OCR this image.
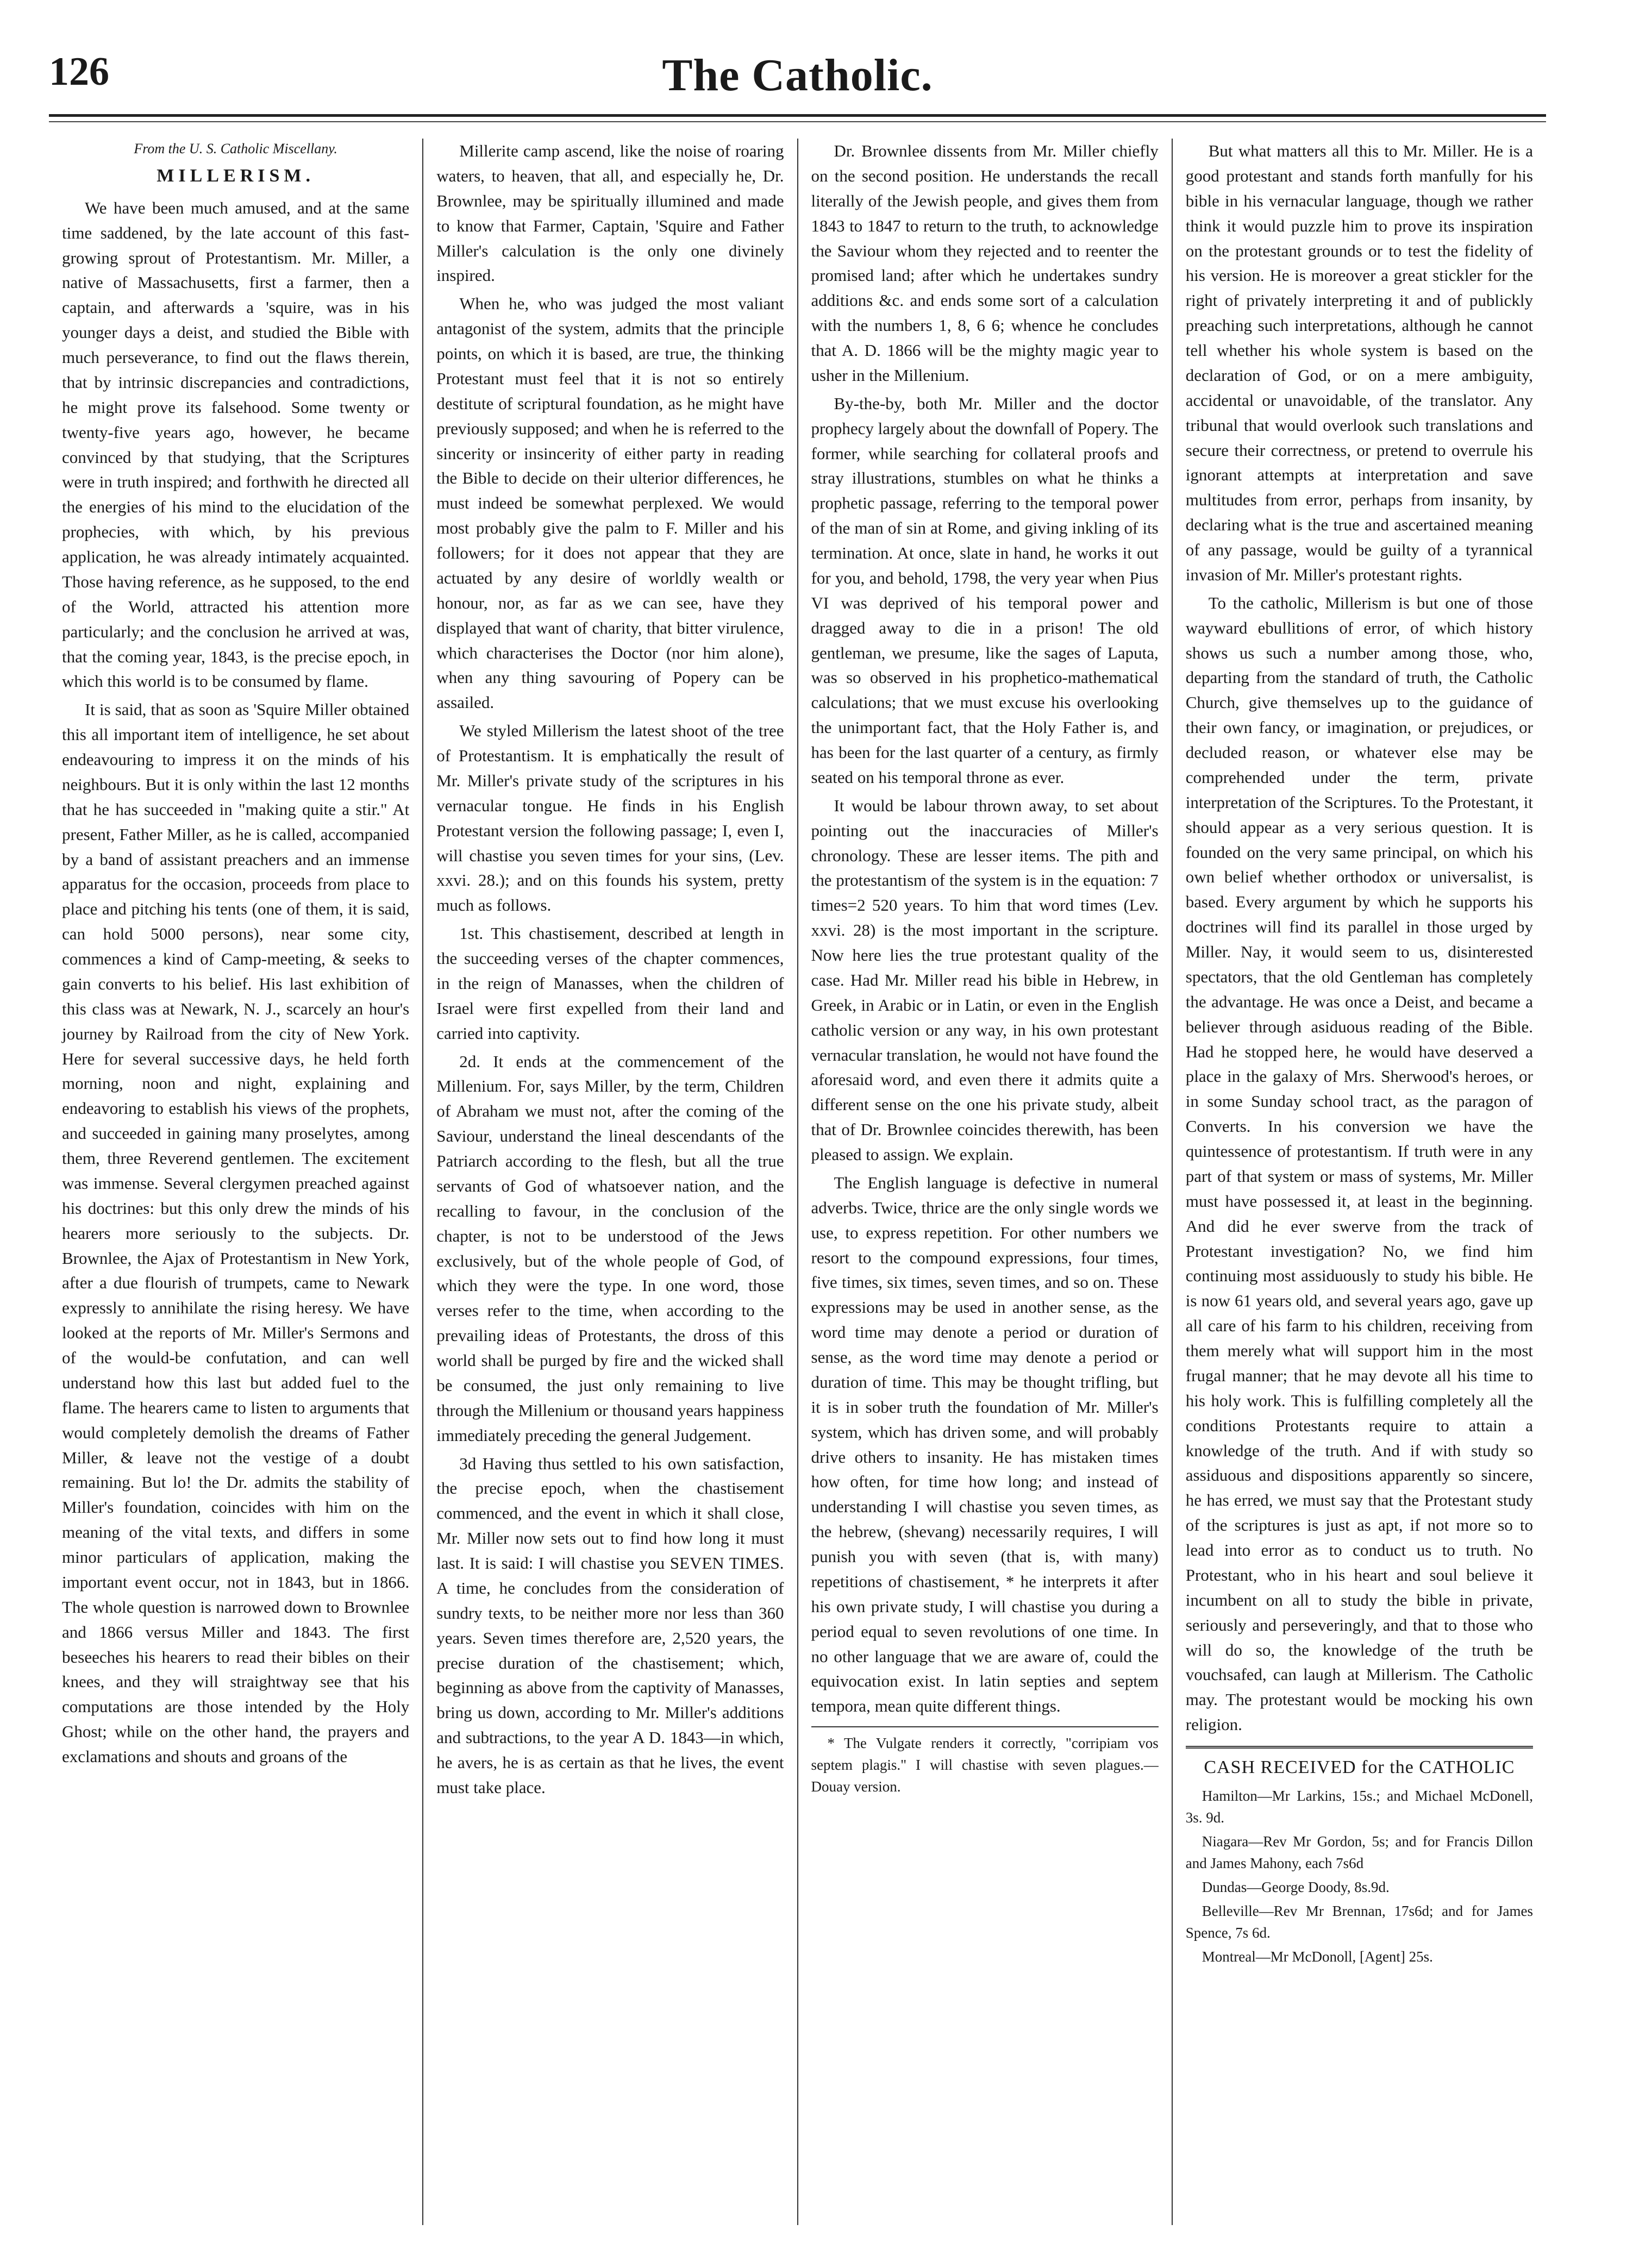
126	The Catholic.
From the U. S. Catholic Miscellany.
MILLERISM.

We have been much amused, and at the same time saddened, by the late account of this fast-growing sprout of Protestantism. Mr. Miller, a native of Massachusetts, first a farmer, then a captain, and afterwards a 'squire, was in his younger days a deist, and studied the Bible with much perseverance, to find out the flaws therein, that by intrinsic discrepancies and contradictions, he might prove its falsehood. Some twenty or twenty-five years ago, however, he became convinced by that studying, that the Scriptures were in truth inspired; and forthwith he directed all the energies of his mind to the elucidation of the prophecies, with which, by his previous application, he was already intimately acquainted. Those having reference, as he supposed, to the end of the World, attracted his attention more particularly; and the conclusion he arrived at was, that the coming year, 1843, is the precise epoch, in which this world is to be consumed by flame.

It is said, that as soon as 'Squire Miller obtained this all important item of intelligence, he set about endeavouring to impress it on the minds of his neighbours. But it is only within the last 12 months that he has succeeded in "making quite a stir." At present, Father Miller, as he is called, accompanied by a band of assistant preachers and an immense apparatus for the occasion, proceeds from place to place and pitching his tents (one of them, it is said, can hold 5000 persons), near some city, commences a kind of Camp-meeting, & seeks to gain converts to his belief. His last exhibition of this class was at Newark, N. J., scarcely an hour's journey by Railroad from the city of New York. Here for several successive days, he held forth morning, noon and night, explaining and endeavoring to establish his views of the prophets, and succeeded in gaining many proselytes, among them, three Reverend gentlemen. The excitement was immense. Several clergymen preached against his doctrines: but this only drew the minds of his hearers more seriously to the subjects. Dr. Brownlee, the Ajax of Protestantism in New York, after a due flourish of trumpets, came to Newark expressly to annihilate the rising heresy. We have looked at the reports of Mr. Miller's Sermons and of the would-be confutation, and can well understand how this last but added fuel to the flame. The hearers came to listen to arguments that would completely demolish the dreams of Father Miller, & leave not the vestige of a doubt remaining. But lo! the Dr. admits the stability of Miller's foundation, coincides with him on the meaning of the vital texts, and differs in some minor particulars of application, making the important event occur, not in 1843, but in 1866. The whole question is narrowed down to Brownlee and 1866 versus Miller and 1843. The first beseeches his hearers to read their bibles on their knees, and they will straightway see that his computations are those intended by the Holy Ghost; while on the other hand, the prayers and exclamations and shouts and groans of the

Millerite camp ascend, like the noise of roaring waters, to heaven, that all, and especially he, Dr. Brownlee, may be spiritually illumined and made to know that Farmer, Captain, 'Squire and Father Miller's calculation is the only one divinely inspired.

When he, who was judged the most valiant antagonist of the system, admits that the principle points, on which it is based, are true, the thinking Protestant must feel that it is not so entirely destitute of scriptural foundation, as he might have previously supposed; and when he is referred to the sincerity or insincerity of either party in reading the Bible to decide on their ulterior differences, he must indeed be somewhat perplexed. We would most probably give the palm to F. Miller and his followers; for it does not appear that they are actuated by any desire of worldly wealth or honour, nor, as far as we can see, have they displayed that want of charity, that bitter virulence, which characterises the Doctor (nor him alone), when any thing savouring of Popery can be assailed.

We styled Millerism the latest shoot of the tree of Protestantism. It is emphatically the result of Mr. Miller's private study of the scriptures in his vernacular tongue. He finds in his English Protestant version the following passage; I, even I, will chastise you seven times for your sins, (Lev. xxvi. 28.); and on this founds his system, pretty much as follows.

1st. This chastisement, described at length in the succeeding verses of the chapter commences, in the reign of Manasses, when the children of Israel were first expelled from their land and carried into captivity.

2d. It ends at the commencement of the Millenium. For, says Miller, by the term, Children of Abraham we must not, after the coming of the Saviour, understand the lineal descendants of the Patriarch according to the flesh, but all the true servants of God of whatsoever nation, and the recalling to favour, in the conclusion of the chapter, is not to be understood of the Jews exclusively, but of the whole people of God, of which they were the type. In one word, those verses refer to the time, when according to the prevailing ideas of Protestants, the dross of this world shall be purged by fire and the wicked shall be consumed, the just only remaining to live through the Millenium or thousand years happiness immediately preceding the general Judgement.

3d Having thus settled to his own satisfaction, the precise epoch, when the chastisement commenced, and the event in which it shall close, Mr. Miller now sets out to find how long it must last. It is said: I will chastise you SEVEN TIMES. A time, he concludes from the consideration of sundry texts, to be neither more nor less than 360 years. Seven times therefore are, 2,520 years, the precise duration of the chastisement; which, beginning as above from the captivity of Manasses, bring us down, according to Mr. Miller's additions and subtractions, to the year A D. 1843—in which, he avers, he is as certain as that he lives, the event must take place.

Dr. Brownlee dissents from Mr. Miller chiefly on the second position. He understands the recall literally of the Jewish people, and gives them from 1843 to 1847 to return to the truth, to acknowledge the Saviour whom they rejected and to reenter the promised land; after which he undertakes sundry additions &c. and ends some sort of a calculation with the numbers 1, 8, 6 6; whence he concludes that A. D. 1866 will be the mighty magic year to usher in the Millenium.

By-the-by, both Mr. Miller and the doctor prophecy largely about the downfall of Popery. The former, while searching for collateral proofs and stray illustrations, stumbles on what he thinks a prophetic passage, referring to the temporal power of the man of sin at Rome, and giving inkling of its termination. At once, slate in hand, he works it out for you, and behold, 1798, the very year when Pius VI was deprived of his temporal power and dragged away to die in a prison! The old gentleman, we presume, like the sages of Laputa, was so observed in his prophetico-mathematical calculations; that we must excuse his overlooking the unimportant fact, that the Holy Father is, and has been for the last quarter of a century, as firmly seated on his temporal throne as ever.

It would be labour thrown away, to set about pointing out the inaccuracies of Miller's chronology. These are lesser items. The pith and the protestantism of the system is in the equation: 7 times=2 520 years. To him that word times (Lev. xxvi. 28) is the most important in the scripture. Now here lies the true protestant quality of the case. Had Mr. Miller read his bible in Hebrew, in Greek, in Arabic or in Latin, or even in the English catholic version or any way, in his own protestant vernacular translation, he would not have found the aforesaid word, and even there it admits quite a different sense on the one his private study, albeit that of Dr. Brownlee coincides therewith, has been pleased to assign. We explain.

The English language is defective in numeral adverbs. Twice, thrice are the only single words we use, to express repetition. For other numbers we resort to the compound expressions, four times, five times, six times, seven times, and so on. These expressions may be used in another sense, as the word time may denote a period or duration of sense, as the word time may denote a period or duration of time. This may be thought trifling, but it is in sober truth the foundation of Mr. Miller's system, which has driven some, and will probably drive others to insanity. He has mistaken times how often, for time how long; and instead of understanding I will chastise you seven times, as the hebrew, (shevang) necessarily requires, I will punish you with seven (that is, with many) repetitions of chastisement, * he interprets it after his own private study, I will chastise you during a period equal to seven revolutions of one time. In no other language that we are aware of, could the equivocation exist. In latin septies and septem tempora, mean quite different things.

* The Vulgate renders it correctly, "corripiam vos septem plagis." I will chastise with seven plagues.—Douay version.

But what matters all this to Mr. Miller. He is a good protestant and stands forth manfully for his bible in his vernacular language, though we rather think it would puzzle him to prove its inspiration on the protestant grounds or to test the fidelity of his version. He is moreover a great stickler for the right of privately interpreting it and of publickly preaching such interpretations, although he cannot tell whether his whole system is based on the declaration of God, or on a mere ambiguity, accidental or unavoidable, of the translator. Any tribunal that would overlook such translations and secure their correctness, or pretend to overrule his ignorant attempts at interpretation and save multitudes from error, perhaps from insanity, by declaring what is the true and ascertained meaning of any passage, would be guilty of a tyrannical invasion of Mr. Miller's protestant rights.

To the catholic, Millerism is but one of those wayward ebullitions of error, of which history shows us such a number among those, who, departing from the standard of truth, the Catholic Church, give themselves up to the guidance of their own fancy, or imagination, or prejudices, or decluded reason, or whatever else may be comprehended under the term, private interpretation of the Scriptures. To the Protestant, it should appear as a very serious question. It is founded on the very same principal, on which his own belief whether orthodox or universalist, is based. Every argument by which he supports his doctrines will find its parallel in those urged by Miller. Nay, it would seem to us, disinterested spectators, that the old Gentleman has completely the advantage. He was once a Deist, and became a believer through asiduous reading of the Bible. Had he stopped here, he would have deserved a place in the galaxy of Mrs. Sherwood's heroes, or in some Sunday school tract, as the paragon of Converts. In his conversion we have the quintessence of protestantism. If truth were in any part of that system or mass of systems, Mr. Miller must have possessed it, at least in the beginning. And did he ever swerve from the track of Protestant investigation? No, we find him continuing most assiduously to study his bible. He is now 61 years old, and several years ago, gave up all care of his farm to his children, receiving from them merely what will support him in the most frugal manner; that he may devote all his time to his holy work. This is fulfilling completely all the conditions Protestants require to attain a knowledge of the truth. And if with study so assiduous and dispositions apparently so sincere, he has erred, we must say that the Protestant study of the scriptures is just as apt, if not more so to lead into error as to conduct us to truth. No Protestant, who in his heart and soul believe it incumbent on all to study the bible in private, seriously and perseveringly, and that to those who will do so, the knowledge of the truth be vouchsafed, can laugh at Millerism. The Catholic may. The protestant would be mocking his own religion.

CASH RECEIVED for the CATHOLIC
Hamilton—Mr Larkins, 15s.; and Michael McDonell, 3s. 9d.
Niagara—Rev Mr Gordon, 5s; and for Francis Dillon and James Mahony, each 7s6d
Dundas—George Doody, 8s.9d.
Belleville—Rev Mr Brennan, 17s6d; and for James Spence, 7s 6d.
Montreal—Mr McDonoll, [Agent] 25s.
